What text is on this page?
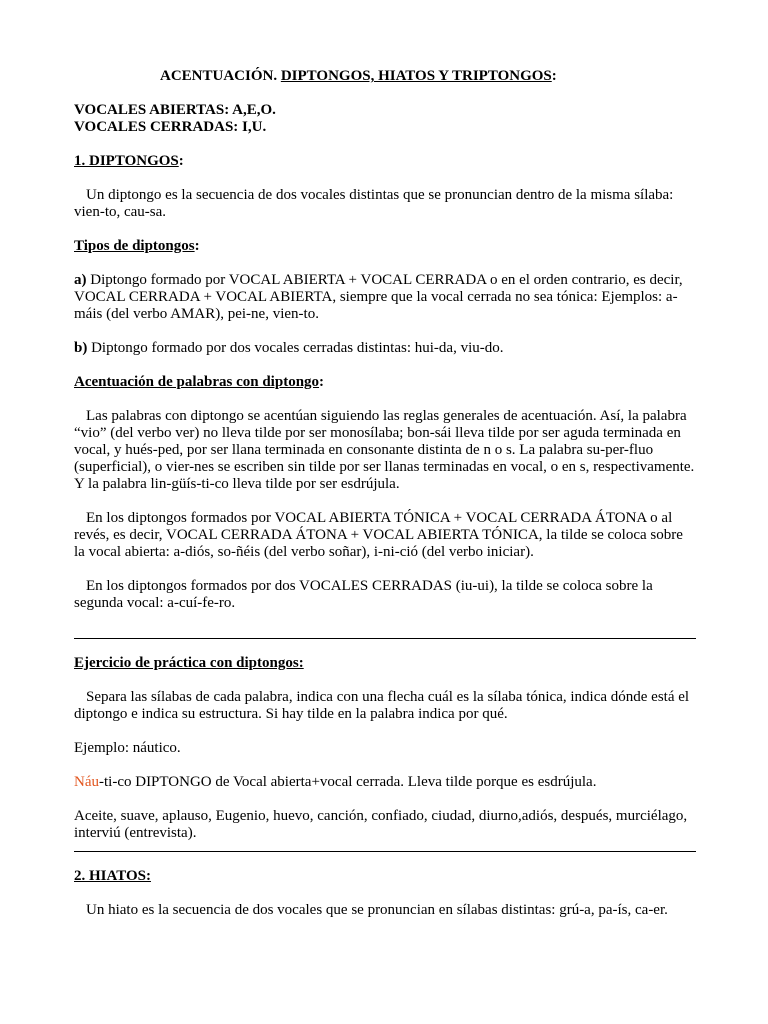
ACENTUACIÓN. DIPTONGOS, HIATOS Y TRIPTONGOS:

VOCALES ABIERTAS: A,E,O.

VOCALES CERRADAS: I,U.

1. DIPTONGOS:

Un diptongo es la secuencia de dos vocales distintas que se pronuncian dentro de la misma sílaba: vien-to, cau-sa.

Tipos de diptongos:

a) Diptongo formado por VOCAL ABIERTA + VOCAL CERRADA o en el orden contrario, es decir, VOCAL CERRADA + VOCAL ABIERTA, siempre que la vocal cerrada no sea tónica: Ejemplos: a-máis (del verbo AMAR), pei-ne, vien-to.

b) Diptongo formado por dos vocales cerradas distintas: hui-da, viu-do.

Acentuación de palabras con diptongo:

Las palabras con diptongo se acentúan siguiendo las reglas generales de acentuación. Así, la palabra “vio” (del verbo ver) no lleva tilde por ser monosílaba; bon-sái lleva tilde por ser aguda terminada en vocal, y hués-ped, por ser llana terminada en consonante distinta de n o s. La palabra su-per-fluo (superficial), o vier-nes se escriben sin tilde por ser llanas terminadas en vocal, o en s, respectivamente. Y la palabra lin-güís-ti-co lleva tilde por ser esdrújula.

En los diptongos formados por VOCAL ABIERTA TÓNICA + VOCAL CERRADA ÁTONA o al revés, es decir, VOCAL CERRADA ÁTONA + VOCAL ABIERTA TÓNICA, la tilde se coloca sobre la vocal abierta: a-diós, so-ñéis (del verbo soñar), i-ni-ció (del verbo iniciar).

En los diptongos formados por dos VOCALES CERRADAS (iu-ui), la tilde se coloca sobre la segunda vocal: a-cuí-fe-ro.

Ejercicio de práctica con diptongos:

Separa las sílabas de cada palabra, indica con una flecha cuál es la sílaba tónica, indica dónde está el diptongo e indica su estructura. Si hay tilde en la palabra indica por qué.

Ejemplo: náutico.

Náu-ti-co DIPTONGO de Vocal abierta+vocal cerrada. Lleva tilde porque es esdrújula.

Aceite, suave, aplauso, Eugenio, huevo, canción, confiado, ciudad, diurno,adiós, después, murciélago, interviú (entrevista).

2. HIATOS:

Un hiato es la secuencia de dos vocales que se pronuncian en sílabas distintas: grú-a, pa-ís, ca-er.
